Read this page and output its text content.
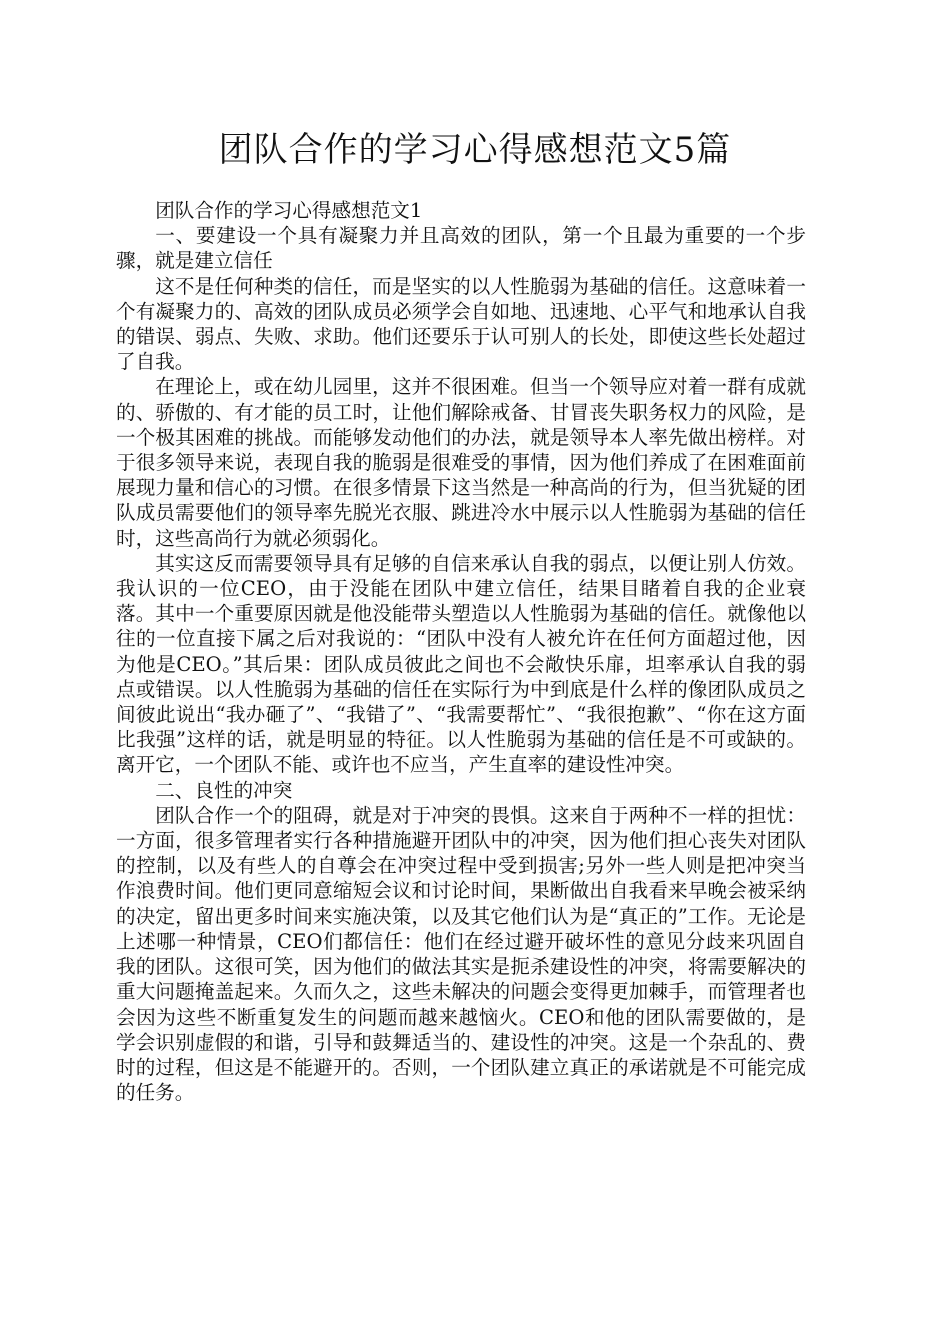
团队合作的学习心得感想范文5篇

团队合作的学习心得感想范文1

一、要建设一个具有凝聚力并且高效的团队，第一个且最为重要的一个步骤，就是建立信任

这不是任何种类的信任，而是坚实的以人性脆弱为基础的信任。这意味着一个有凝聚力的、高效的团队成员必须学会自如地、迅速地、心平气和地承认自我的错误、弱点、失败、求助。他们还要乐于认可别人的长处，即使这些长处超过了自我。

在理论上，或在幼儿园里，这并不很困难。但当一个领导应对着一群有成就的、骄傲的、有才能的员工时，让他们解除戒备、甘冒丧失职务权力的风险，是一个极其困难的挑战。而能够发动他们的办法，就是领导本人率先做出榜样。对于很多领导来说，表现自我的脆弱是很难受的事情，因为他们养成了在困难面前展现力量和信心的习惯。在很多情景下这当然是一种高尚的行为，但当犹疑的团队成员需要他们的领导率先脱光衣服、跳进冷水中展示以人性脆弱为基础的信任时，这些高尚行为就必须弱化。

其实这反而需要领导具有足够的自信来承认自我的弱点，以便让别人仿效。我认识的一位CEO，由于没能在团队中建立信任，结果目睹着自我的企业衰落。其中一个重要原因就是他没能带头塑造以人性脆弱为基础的信任。就像他以往的一位直接下属之后对我说的：“团队中没有人被允许在任何方面超过他，因为他是CEO。”其后果：团队成员彼此之间也不会敞快乐扉，坦率承认自我的弱点或错误。以人性脆弱为基础的信任在实际行为中到底是什么样的像团队成员之间彼此说出“我办砸了”、“我错了”、“我需要帮忙”、“我很抱歉”、“你在这方面比我强”这样的话，就是明显的特征。以人性脆弱为基础的信任是不可或缺的。离开它，一个团队不能、或许也不应当，产生直率的建设性冲突。

二、良性的冲突

团队合作一个的阻碍，就是对于冲突的畏惧。这来自于两种不一样的担忧：一方面，很多管理者实行各种措施避开团队中的冲突，因为他们担心丧失对团队的控制，以及有些人的自尊会在冲突过程中受到损害;另外一些人则是把冲突当作浪费时间。他们更同意缩短会议和讨论时间，果断做出自我看来早晚会被采纳的决定，留出更多时间来实施决策，以及其它他们认为是“真正的”工作。无论是上述哪一种情景，CEO们都信任：他们在经过避开破坏性的意见分歧来巩固自我的团队。这很可笑，因为他们的做法其实是扼杀建设性的冲突，将需要解决的重大问题掩盖起来。久而久之，这些未解决的问题会变得更加棘手，而管理者也会因为这些不断重复发生的问题而越来越恼火。CEO和他的团队需要做的，是学会识别虚假的和谐，引导和鼓舞适当的、建设性的冲突。这是一个杂乱的、费时的过程，但这是不能避开的。否则，一个团队建立真正的承诺就是不可能完成的任务。
